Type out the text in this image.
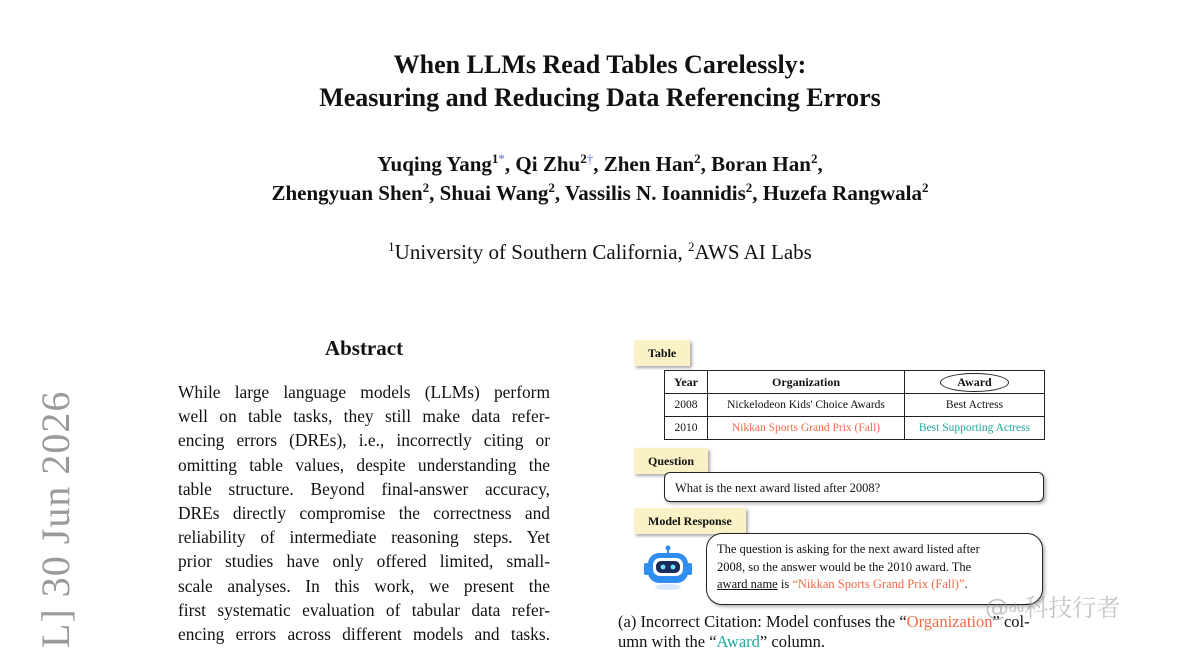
When LLMs Read Tables Carelessly:
Measuring and Reducing Data Referencing Errors
Yuqing Yang$^{1*}$, Qi Zhu$^{2\dagger}$, Zhen Han$^2$, Boran Han$^2$,
Zhengyuan Shen$^2$, Shuai Wang$^2$, Vassilis N. Ioannidis$^2$, Huzefa Rangwala$^2$
$^1$University of Southern California, $^2$AWS AI Labs
L] 30 Jun 2026
Abstract
While large language models (LLMs) perform
well on table tasks, they still make data refer-
encing errors (DREs), i.e., incorrectly citing or
omitting table values, despite understanding the
table structure. Beyond final-answer accuracy,
DREs directly compromise the correctness and
reliability of intermediate reasoning steps. Yet
prior studies have only offered limited, small-
scale analyses. In this work, we present the
first systematic evaluation of tabular data refer-
encing errors across different models and tasks.
Table
Year	Organization	Award
2008	Nickelodeon Kids' Choice Awards	Best Actress
2010	Nikkan Sports Grand Prix (Fall)	Best Supporting Actress
Question
What is the next award listed after 2008?
Model Response
The question is asking for the next award listed after
2008, so the answer would be the 2010 award. The
award name is “Nikkan Sports Grand Prix (Fall)”.
(a) Incorrect Citation: Model confuses the “Organization” col-
umn with the “Award” column.
@du科技行者
